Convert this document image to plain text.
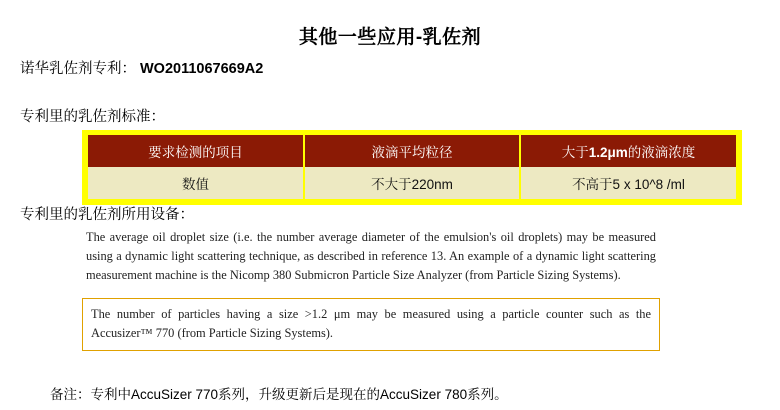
其他一些应用-乳佐剂
诺华乳佐剂专利： WO2011067669A2
专利里的乳佐剂标准：
要求检测的项目	液滴平均粒径	大于1.2μm的液滴浓度
数值	不大于220nm	不高于5 x 10^8 /ml
专利里的乳佐剂所用设备：

The average oil droplet size (i.e. the number average diameter of the emulsion's oil droplets) may be measured using a dynamic light scattering technique, as described in reference 13. An example of a dynamic light scattering measurement machine is the Nicomp 380 Submicron Particle Size Analyzer (from Particle Sizing Systems).

The number of particles having a size >1.2 μm may be measured using a particle counter such as the Accusizer™ 770 (from Particle Sizing Systems).

备注：专利中AccuSizer 770系列，升级更新后是现在的AccuSizer 780系列。
